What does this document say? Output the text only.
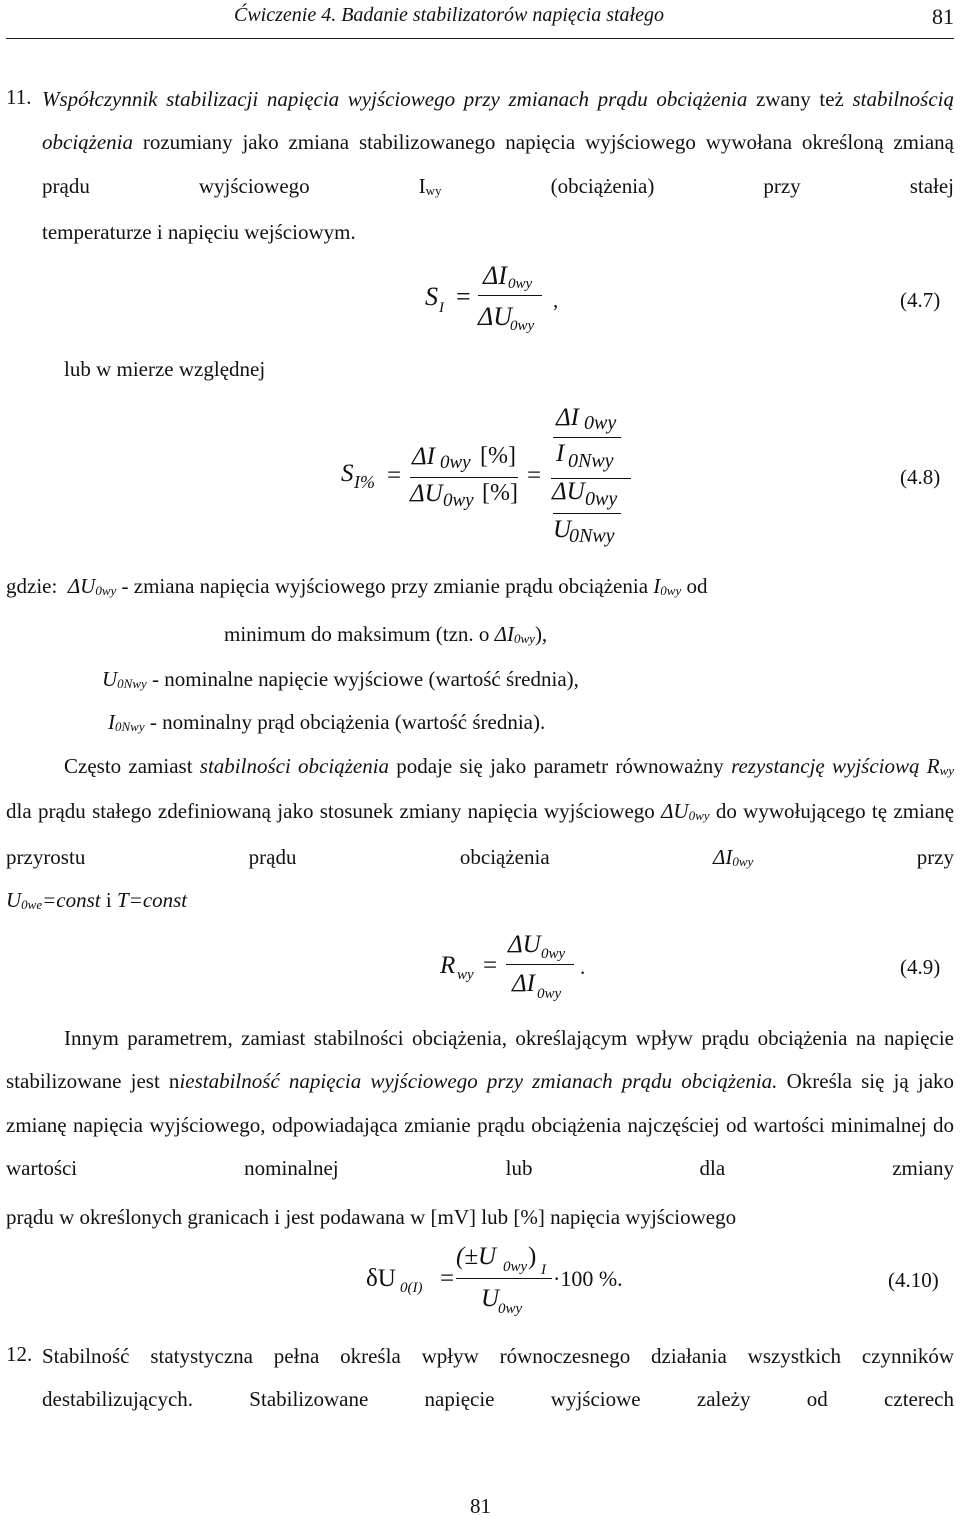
Ćwiczenie 4. Badanie stabilizatorów napięcia stałego	81
11. Współczynnik stabilizacji napięcia wyjściowego przy zmianach prądu obciążenia zwany też stabilnością obciążenia rozumiany jako zmiana stabilizowanego napięcia wyjściowego wywołana określoną zmianą prądu wyjściowego $I_{wy}$	(obciążenia) przy stałej
temperaturze i napięciu wejściowym.
S I =
ΔI 0wy
ΔU
0wy
,	(4.7)
lub w mierze względnej
S I% =
ΔI 0wy [%]
ΔU 0wy [%]
=
ΔI 0wy
I 0Nwy
ΔU 0wy
U
0Nwy
(4.8)
gdzie: $\Delta U_{0wy}$ - zmiana napięcia wyjściowego przy zmianie prądu obciążenia $I_{0wy}$ od
minimum do maksimum (tzn. o $\Delta I_{0wy}$),
$U_{0Nwy}$ - nominalne napięcie wyjściowe (wartość średnia),
$I_{0Nwy}$ - nominalny prąd obciążenia (wartość średnia).
Często zamiast stabilności obciążenia podaje się jako parametr równoważny rezystancję wyjściową $R_{wy}$ dla prądu stałego zdefiniowaną jako stosunek zmiany napięcia wyjściowego $\Delta U_{0wy}$ do wywołującego tę zmianę przyrostu prądu obciążenia	$\Delta I_{0wy}$	przy
$U_{0we}=const$ i T=const
R wy =
ΔU 0wy
ΔI 0wy
.	(4.9)
Innym parametrem, zamiast stabilności obciążenia, określającym wpływ prądu obciążenia na napięcie stabilizowane jest niestabilność napięcia wyjściowego przy zmianach prądu obciążenia. Określa się ją jako zmianę napięcia wyjściowego, odpowiadająca zmianie prądu obciążenia najczęściej od wartości minimalnej do wartości nominalnej lub dla zmiany
prądu w określonych granicach i jest podawana w [mV] lub [%] napięcia wyjściowego
δU 0(I) =
(±U 0wy ) I
U
0wy
·100 %.	(4.10)
12. Stabilność statystyczna pełna określa wpływ równoczesnego działania wszystkich czynników destabilizujących. Stabilizowane napięcie wyjściowe zależy od czterech
81
